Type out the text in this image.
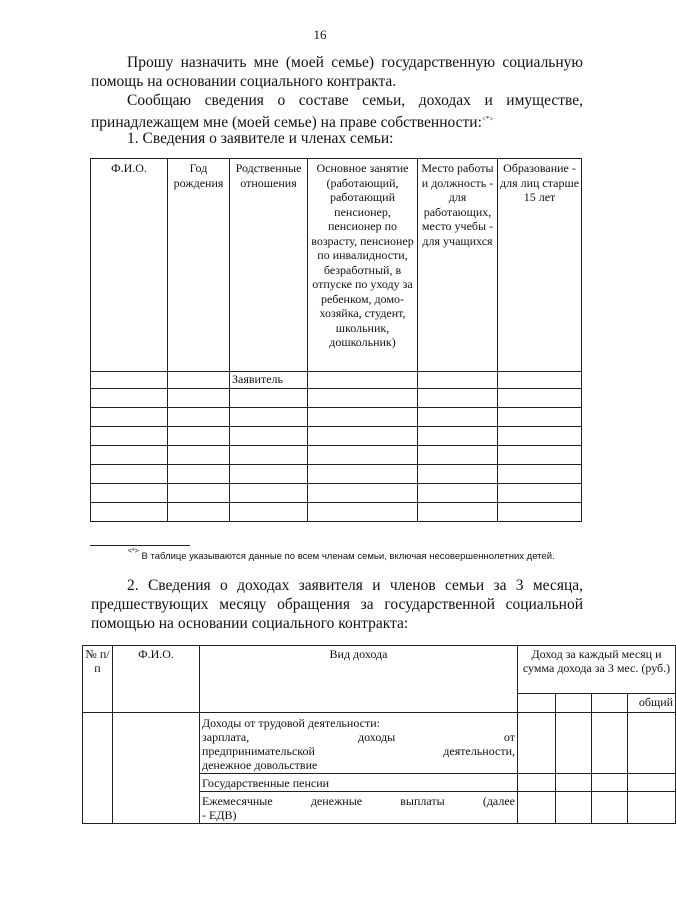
16
Прошу назначить мне (моей семье) государственную социальную
помощь на основании социального контракта.
Сообщаю сведения о составе семьи, доходах и имуществе,
принадлежащем мне (моей семье) на праве собственности:<*>
1. Сведения о заявителе и членах семьи:
Ф.И.О.	Год рождения	Родственные отношения	Основное занятие (работающий, работающий пенсионер, пенсионер по возрасту, пенсионер по инвалидности, безработный, в отпуске по уходу за ребенком, домо-хозяйка, студент, школьник, дошкольник)	Место работы и должность - для работающих, место учебы - для учащихся	Образование - для лиц старше 15 лет
		Заявитель			

<*> В таблице указываются данные по всем членам семьи, включая несовершеннолетних детей.
2. Сведения о доходах заявителя и членов семьи за 3 месяца,
предшествующих месяцу обращения за государственной социальной
помощью на основании социального контракта:
№ п/п	Ф.И.О.	Вид дохода	Доход за каждый месяц и сумма дохода за 3 мес. (руб.)			
						общий

		Доходы от трудовой деятельности:
зарплата, доходы от
предпринимательской деятельности,
денежное довольствие				

		Государственные пенсии				

		Ежемесячные денежные выплаты (далее
- ЕДВ)				
